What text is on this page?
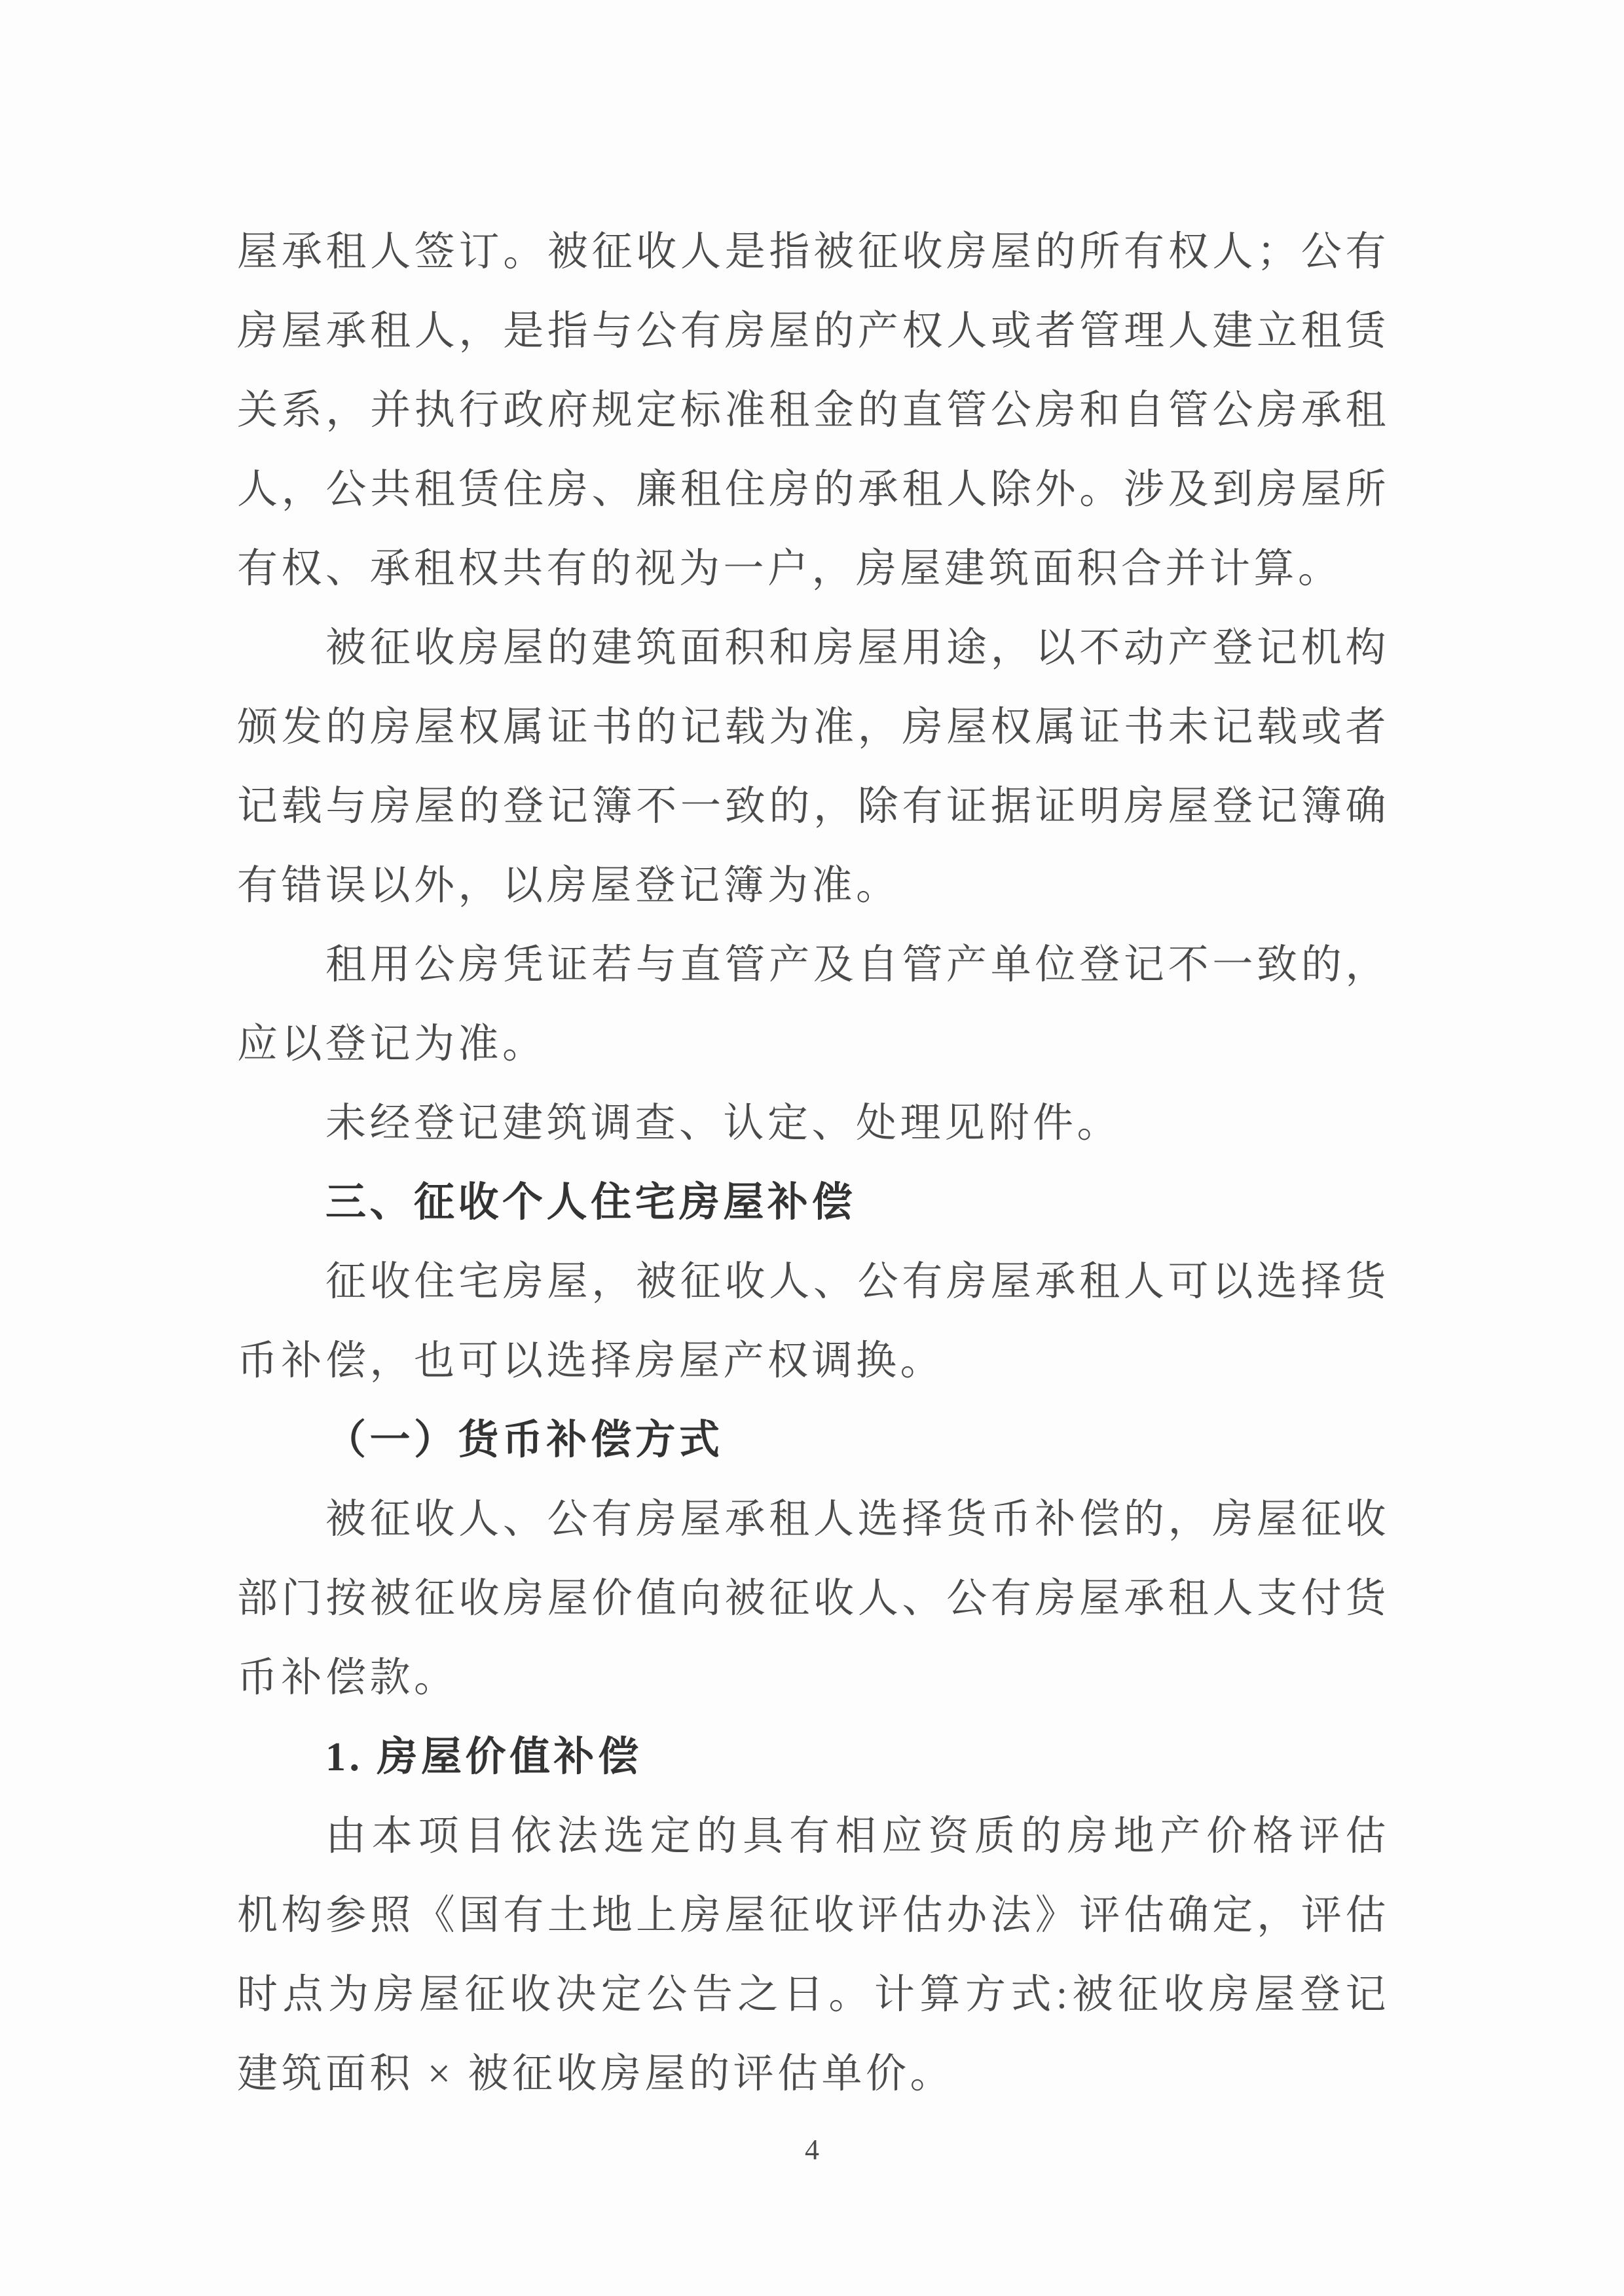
屋承租人签订。被征收人是指被征收房屋的所有权人；公有
房屋承租人，是指与公有房屋的产权人或者管理人建立租赁
关系，并执行政府规定标准租金的直管公房和自管公房承租
人，公共租赁住房、廉租住房的承租人除外。涉及到房屋所
有权、承租权共有的视为一户，房屋建筑面积合并计算。
被征收房屋的建筑面积和房屋用途，以不动产登记机构
颁发的房屋权属证书的记载为准，房屋权属证书未记载或者
记载与房屋的登记簿不一致的，除有证据证明房屋登记簿确
有错误以外，以房屋登记簿为准。
租用公房凭证若与直管产及自管产单位登记不一致的，
应以登记为准。
未经登记建筑调查、认定、处理见附件。
三、征收个人住宅房屋补偿
征收住宅房屋，被征收人、公有房屋承租人可以选择货
币补偿，也可以选择房屋产权调换。
（一）货币补偿方式
被征收人、公有房屋承租人选择货币补偿的，房屋征收
部门按被征收房屋价值向被征收人、公有房屋承租人支付货
币补偿款。
1. 房屋价值补偿
由本项目依法选定的具有相应资质的房地产价格评估
机构参照《国有土地上房屋征收评估办法》评估确定，评估
时点为房屋征收决定公告之日。计算方式:被征收房屋登记
建筑面积 × 被征收房屋的评估单价。
4
